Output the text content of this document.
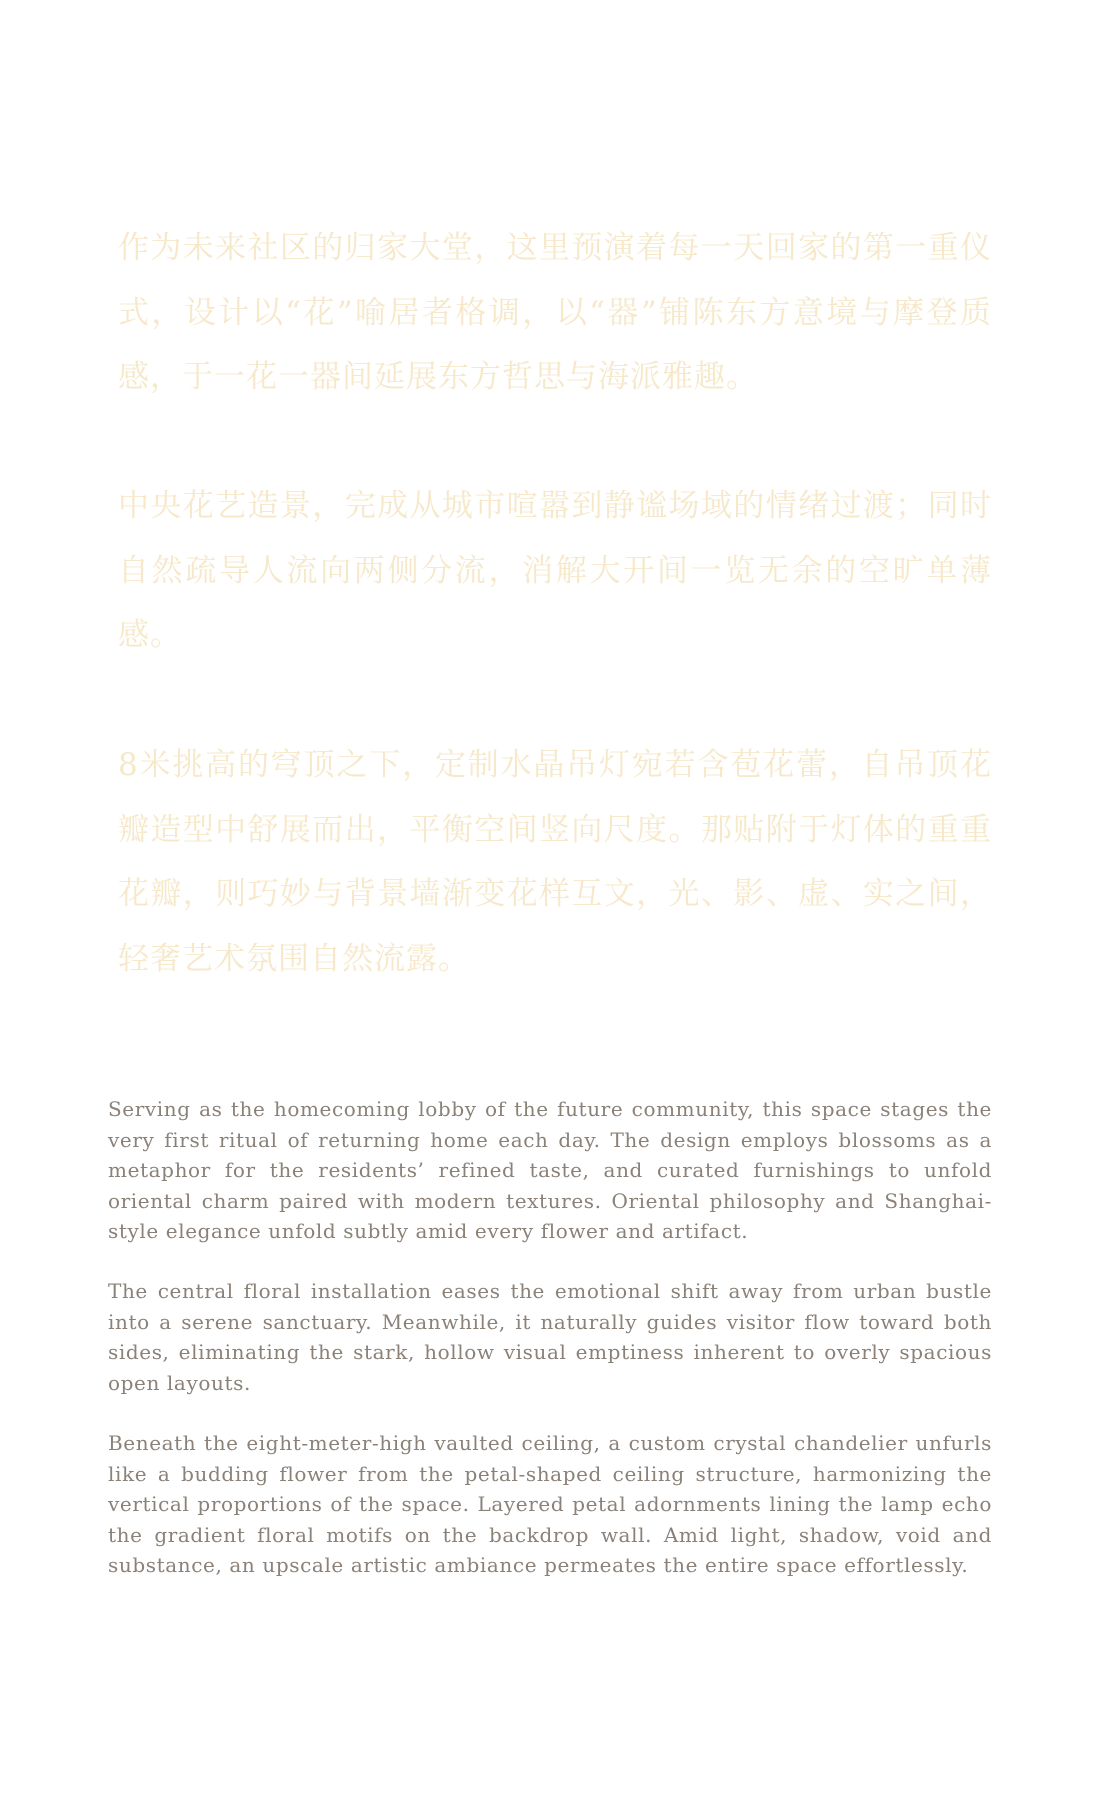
作为未来社区的归家大堂，这里预演着每一天回家的第一重仪式，设计以“花”喻居者格调，以“器”铺陈东方意境与摩登质感，于一花一器间延展东方哲思与海派雅趣。

中央花艺造景，完成从城市喧嚣到静谧场域的情绪过渡；同时自然疏导人流向两侧分流，消解大开间一览无余的空旷单薄感。

8米挑高的穹顶之下，定制水晶吊灯宛若含苞花蕾，自吊顶花瓣造型中舒展而出，平衡空间竖向尺度。那贴附于灯体的重重花瓣，则巧妙与背景墙渐变花样互文，光、影、虚、实之间，轻奢艺术氛围自然流露。

Serving as the homecoming lobby of the future community, this space stages the very first ritual of returning home each day. The design employs blossoms as a metaphor for the residents’ refined taste, and curated furnishings to unfold oriental charm paired with modern textures. Oriental philosophy and Shanghai-style elegance unfold subtly amid every flower and artifact.

The central floral installation eases the emotional shift away from urban bustle into a serene sanctuary. Meanwhile, it naturally guides visitor flow toward both sides, eliminating the stark, hollow visual emptiness inherent to overly spacious open layouts.

Beneath the eight-meter-high vaulted ceiling, a custom crystal chandelier unfurls like a budding flower from the petal-shaped ceiling structure, harmonizing the vertical proportions of the space. Layered petal adornments lining the lamp echo the gradient floral motifs on the backdrop wall. Amid light, shadow, void and substance, an upscale artistic ambiance permeates the entire space effortlessly.
